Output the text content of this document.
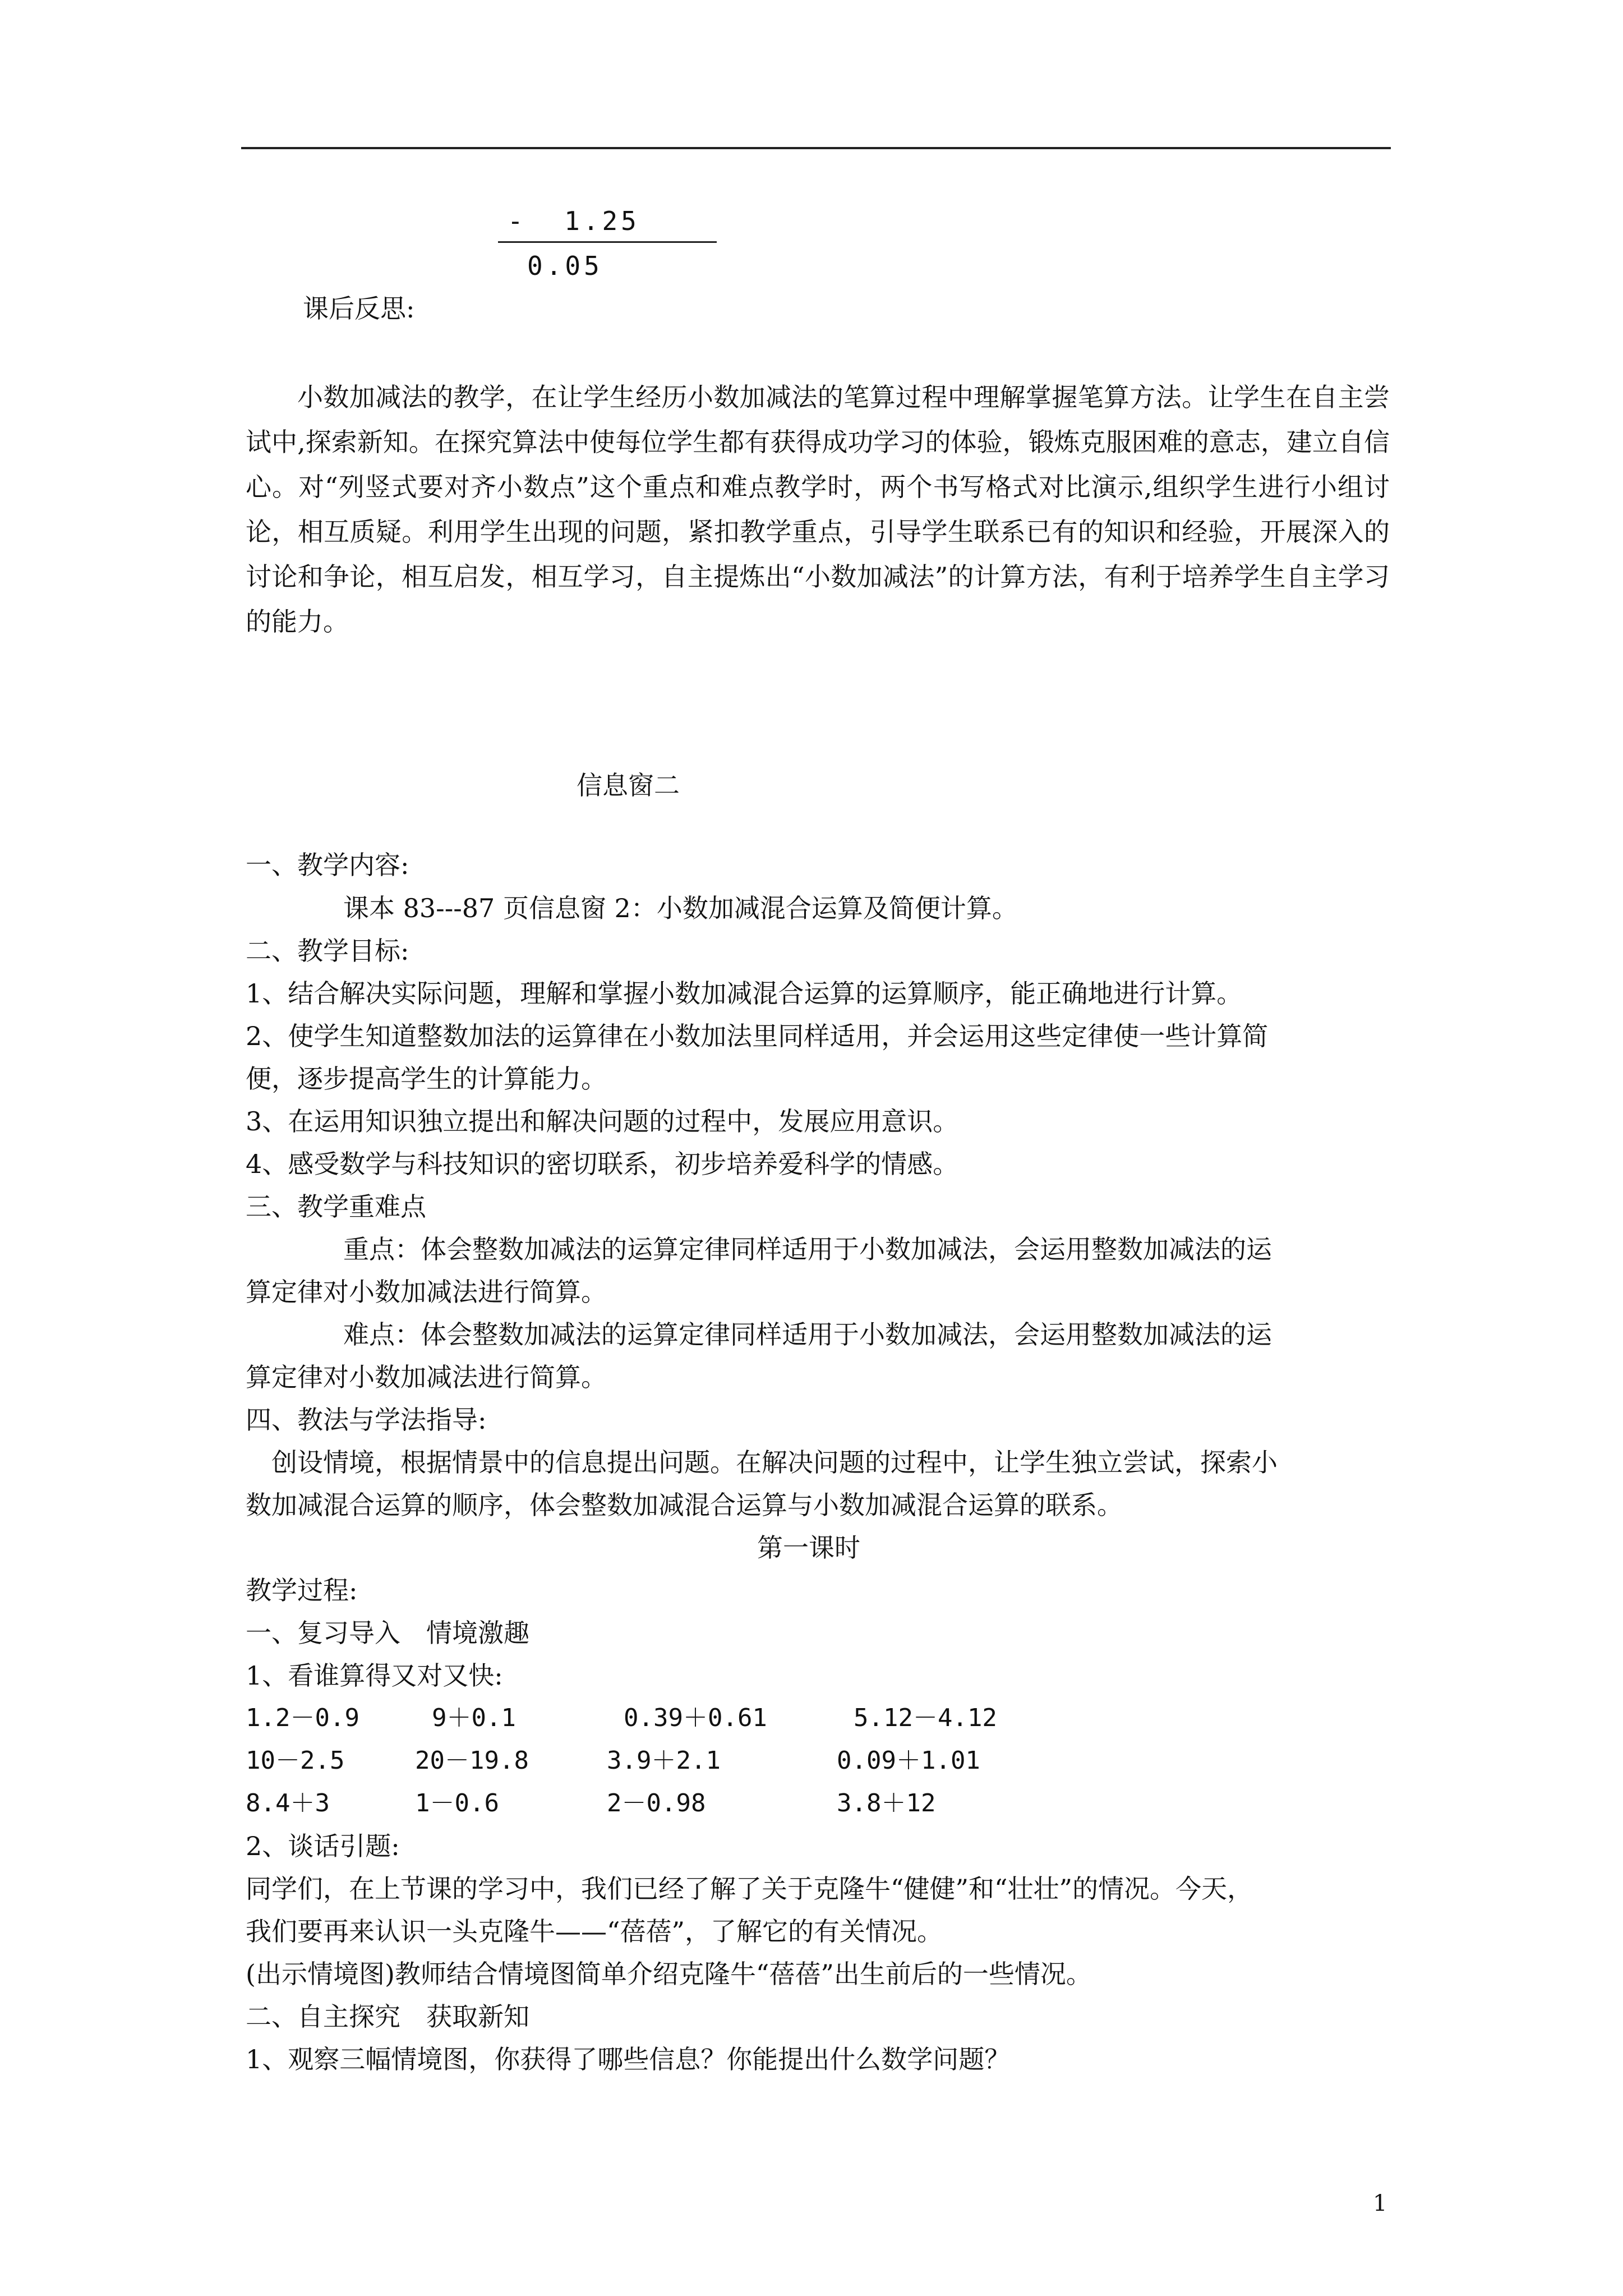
-  1.25
0.05
课后反思:
小数加减法的教学，在让学生经历小数加减法的笔算过程中理解掌握笔算方法。让学生在自主尝试中,探索新知。在探究算法中使每位学生都有获得成功学习的体验，锻炼克服困难的意志，建立自信心。对“列竖式要对齐小数点”这个重点和难点教学时，两个书写格式对比演示,组织学生进行小组讨论，相互质疑。利用学生出现的问题，紧扣教学重点，引导学生联系已有的知识和经验，开展深入的讨论和争论，相互启发，相互学习，自主提炼出“小数加减法”的计算方法，有利于培养学生自主学习的能力。
信息窗二
一、教学内容:
课本 83---87 页信息窗 2：小数加减混合运算及简便计算。
二、教学目标:
1、结合解决实际问题，理解和掌握小数加减混合运算的运算顺序，能正确地进行计算。
2、使学生知道整数加法的运算律在小数加法里同样适用，并会运用这些定律使一些计算简
便，逐步提高学生的计算能力。
3、在运用知识独立提出和解决问题的过程中，发展应用意识。
4、感受数学与科技知识的密切联系，初步培养爱科学的情感。
三、教学重难点
重点：体会整数加减法的运算定律同样适用于小数加减法，会运用整数加减法的运
算定律对小数加减法进行简算。
难点：体会整数加减法的运算定律同样适用于小数加减法，会运用整数加减法的运
算定律对小数加减法进行简算。
四、教法与学法指导:
创设情境，根据情景中的信息提出问题。在解决问题的过程中，让学生独立尝试，探索小
数加减混合运算的顺序，体会整数加减混合运算与小数加减混合运算的联系。
第一课时
教学过程:
一、复习导入　情境激趣
1、看谁算得又对又快:
1.2－0.9	9＋0.1	0.39＋0.61	5.12－4.12
10－2.5	20－19.8	3.9＋2.1	0.09＋1.01
8.4＋3	1－0.6	2－0.98	3.8＋12
2、谈话引题:
同学们，在上节课的学习中，我们已经了解了关于克隆牛“健健”和“壮壮”的情况。今天，
我们要再来认识一头克隆牛——“蓓蓓”，了解它的有关情况。
(出示情境图)教师结合情境图简单介绍克隆牛“蓓蓓”出生前后的一些情况。
二、自主探究　获取新知
1、观察三幅情境图，你获得了哪些信息？你能提出什么数学问题？
1
